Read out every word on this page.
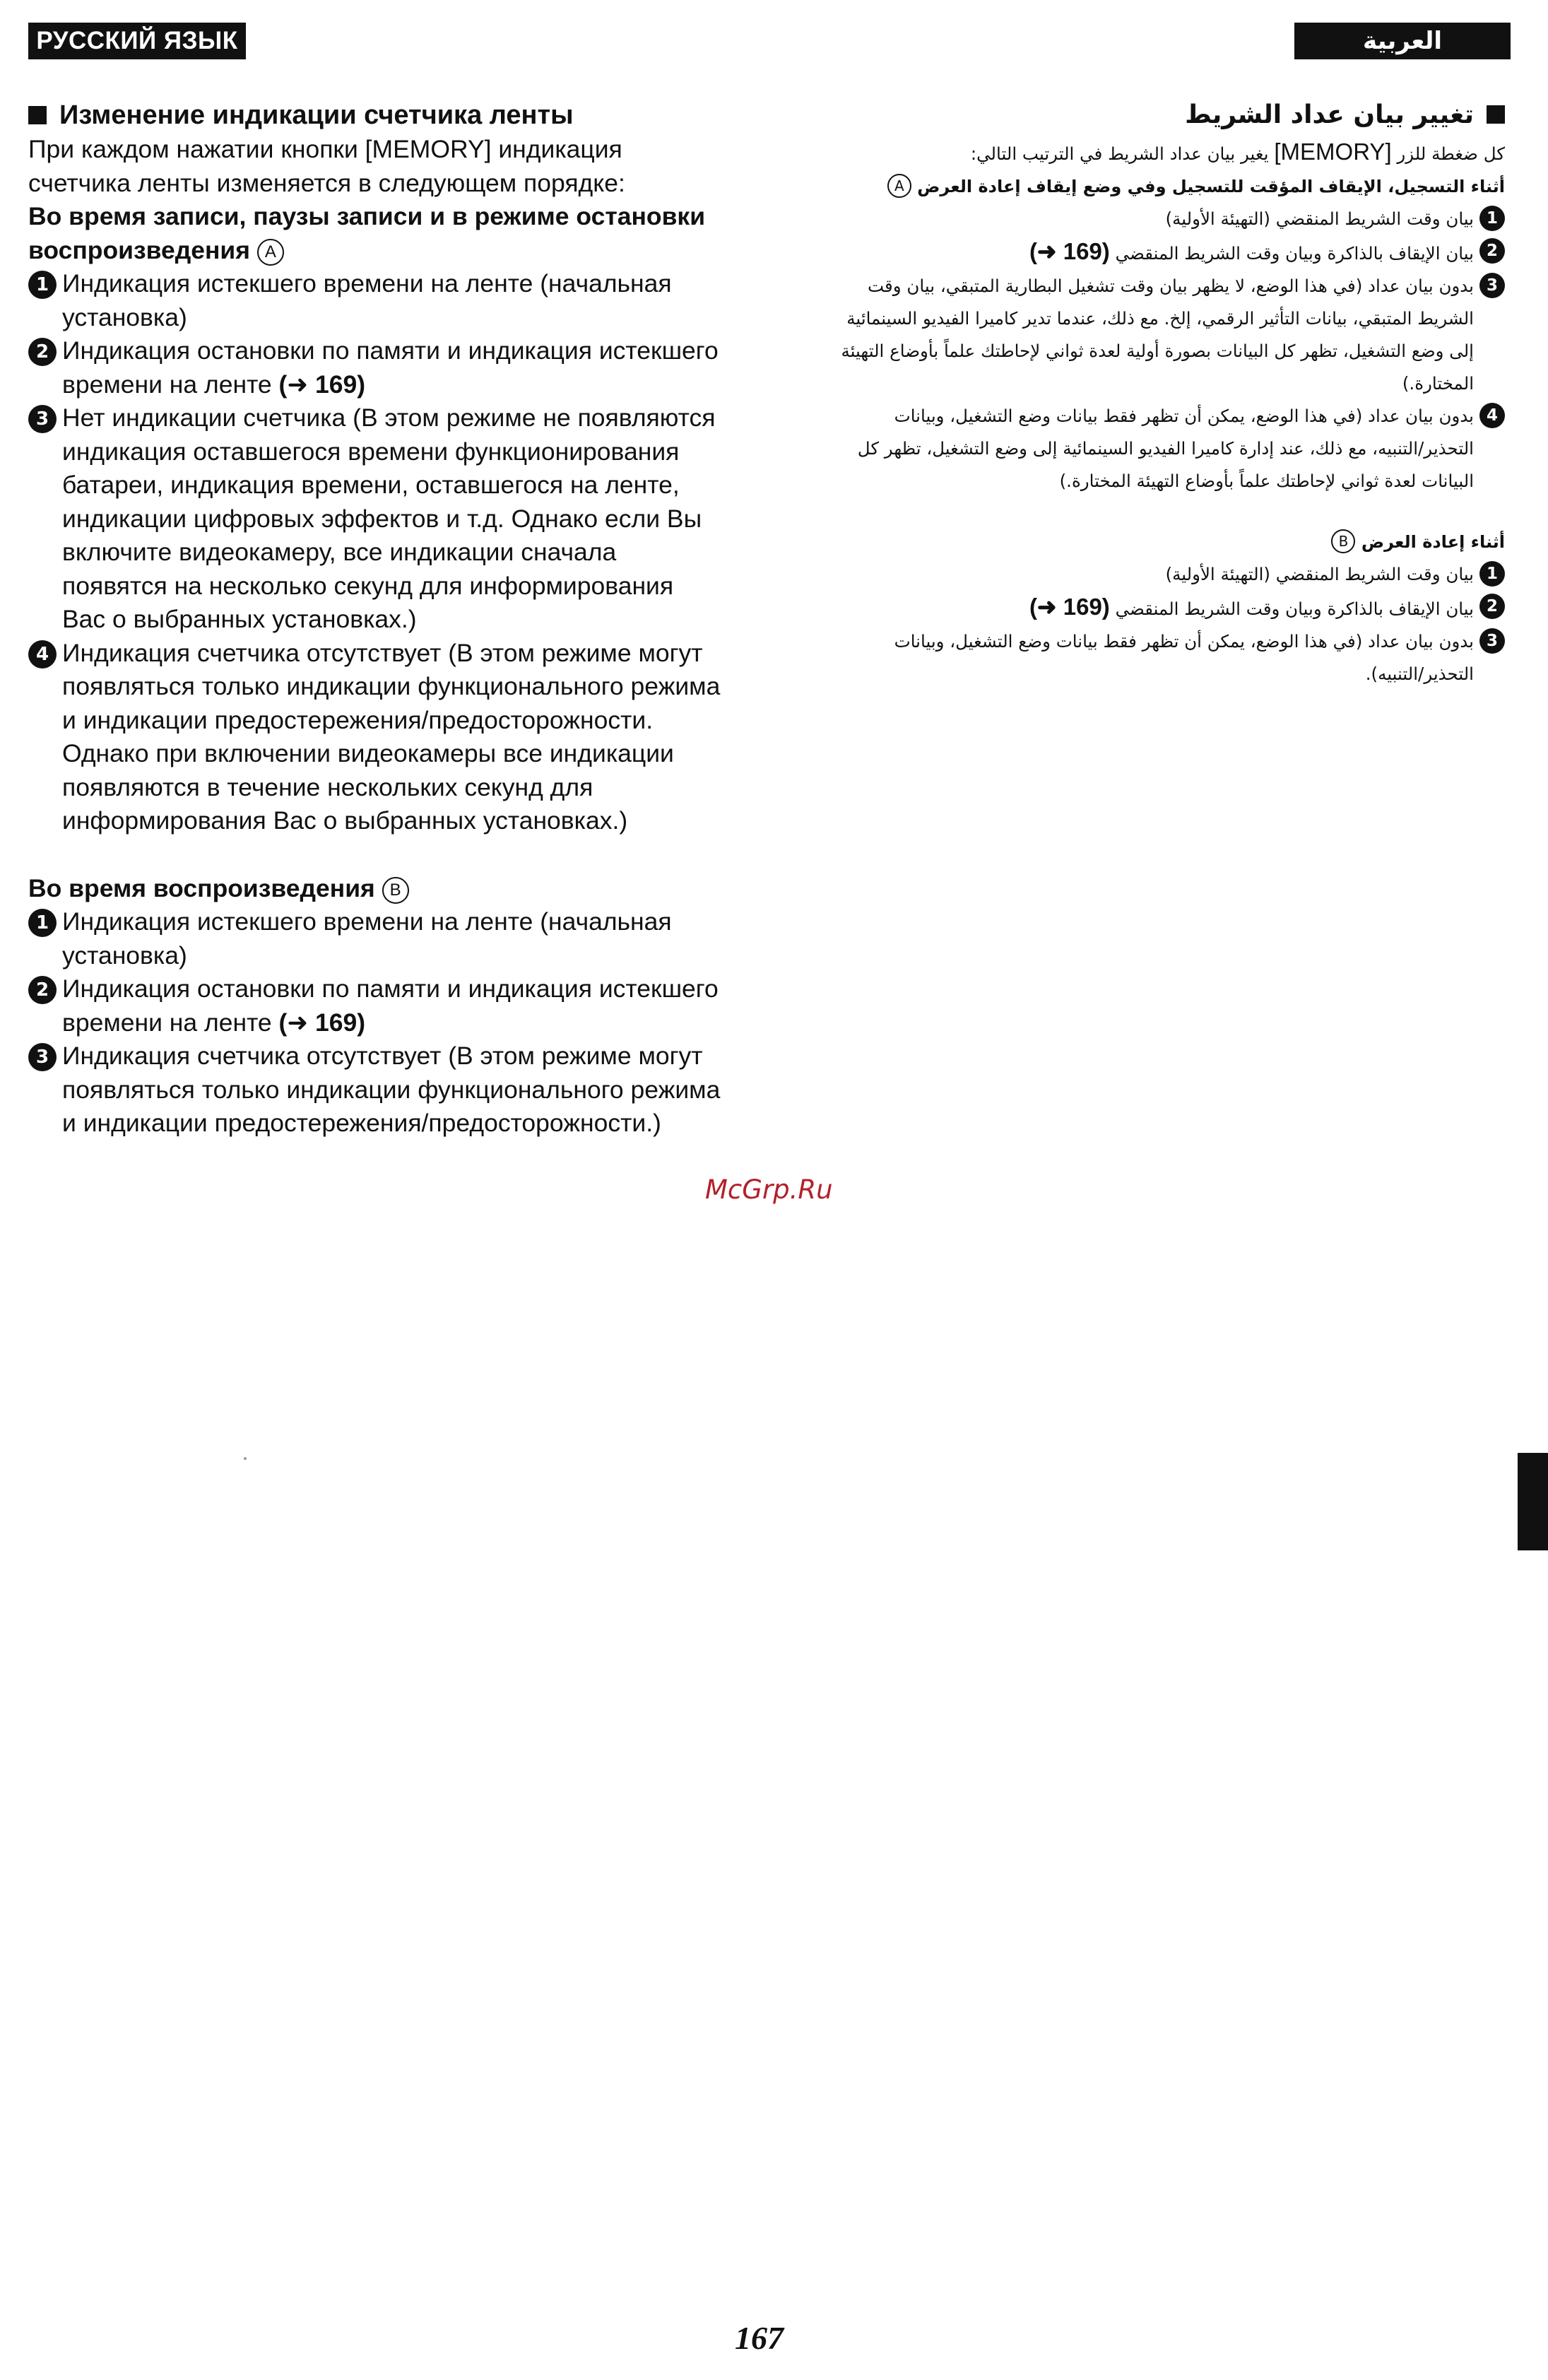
РУССКИЙ ЯЗЫК	العربية

Изменение индикации счетчика ленты

При каждом нажатии кнопки [MEMORY] индикация счетчика ленты изменяется в следующем порядке:

Во время записи, паузы записи и в режиме остановки воспроизведения A

1 Индикация истекшего времени на ленте (начальная установка)

2 Индикация остановки по памяти и индикация истекшего времени на ленте (➜ 169)

3 Нет индикации счетчика (В этом режиме не появляются индикация оставшегося времени функционирования батареи, индикация времени, оставшегося на ленте, индикации цифровых эффектов и т.д. Однако если Вы включите видеокамеру, все индикации сначала появятся на несколько секунд для информирования Вас о выбранных установках.)

4 Индикация счетчика отсутствует (В этом режиме могут появляться только индикации функционального режима и индикации предостережения/предосторожности. Однако при включении видеокамеры все индикации появляются в течение нескольких секунд для информирования Вас о выбранных установках.)

Во время воспроизведения B

1 Индикация истекшего времени на ленте (начальная установка)

2 Индикация остановки по памяти и индикация истекшего времени на ленте (➜ 169)

3 Индикация счетчика отсутствует (В этом режиме могут появляться только индикации функционального режима и индикации предостережения/предосторожности.)

تغيير بيان عداد الشريط

كل ضغطة للزر [MEMORY] يغير بيان عداد الشريط في الترتيب التالي:

أثناء التسجيل، الإيقاف المؤقت للتسجيل وفي وضع إيقاف إعادة العرض A

1
بيان وقت الشريط المنقضي (التهيئة الأولية)

2
بيان الإيقاف بالذاكرة وبيان وقت الشريط المنقضي (➜ 169)

3
بدون بيان عداد (في هذا الوضع، لا يظهر بيان وقت تشغيل البطارية المتبقي، بيان وقت الشريط المتبقي، بيانات التأثير الرقمي، إلخ. مع ذلك، عندما تدير كاميرا الفيديو السينمائية إلى وضع التشغيل، تظهر كل البيانات بصورة أولية لعدة ثواني لإحاطتك علماً بأوضاع التهيئة المختارة.)

4
بدون بيان عداد (في هذا الوضع، يمكن أن تظهر فقط بيانات وضع التشغيل، وبيانات التحذير/التنبيه، مع ذلك، عند إدارة كاميرا الفيديو السينمائية إلى وضع التشغيل، تظهر كل البيانات لعدة ثواني لإحاطتك علماً بأوضاع التهيئة المختارة.)

أثناء إعادة العرض B

1
بيان وقت الشريط المنقضي (التهيئة الأولية)

2
بيان الإيقاف بالذاكرة وبيان وقت الشريط المنقضي (➜ 169)

3
بدون بيان عداد (في هذا الوضع، يمكن أن تظهر فقط بيانات وضع التشغيل، وبيانات التحذير/التنبيه).

McGrp.Ru
167
